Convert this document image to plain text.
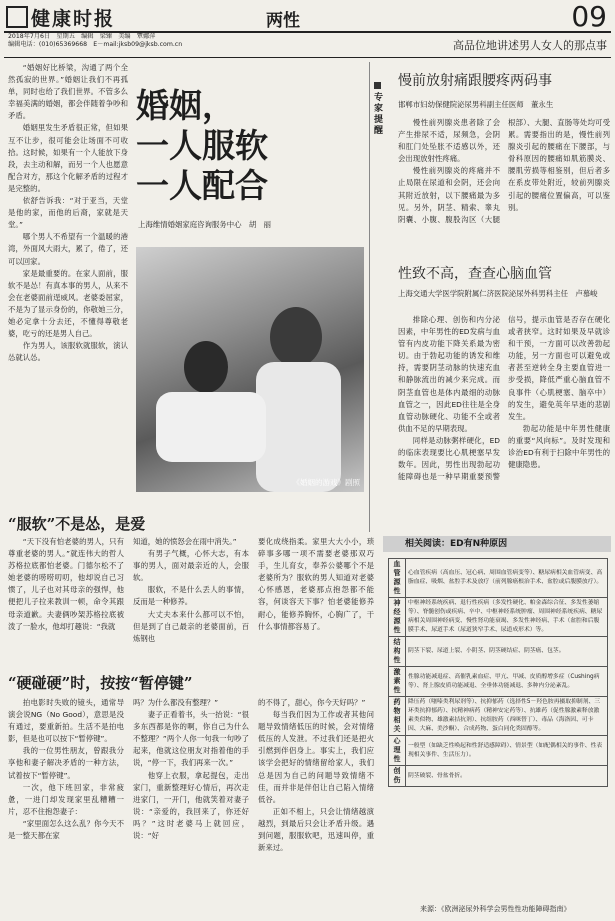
健康时报	两性	09
2018年7月6日　星期五　编辑　梁臻　美编　覃娜萍
编辑电话：(010)65369668　E－mail:jksb09@jksb.com.cn	高品位地讲述男人女人的那点事

“婚姻好比桥梁，沟通了两个全然孤寂的世界。”婚姻让我们不再孤单，同时也给了我们世界。不管多么幸福美满的婚姻，都会伴随着争吵和矛盾。

婚姻里发生矛盾很正常，但如果互不让步，很可能会让场面不可收拾。这时候，如果有一个人能放下身段，去主动和解，而另一个人也愿意配合对方，那这个化解矛盾的过程才是完整的。

依舒告诉我：“对于亚当，天堂是他的家，而他的后裔，家就是天堂。”

哪个男人不希望有一个温暖的港湾，外面风大雨大，累了，倦了，还可以回家。

家是最重要的。在家人面前，服软不是怂！有真本事的男人，从来不会在老婆面前逞威风。老婆委屈家，不是为了显示身份的，你敬她三分，她必定拿十分去还，不懂得尊敬老婆，吃亏的还是男人自己。

作为男人，该服软就服软，演认怂就认怂。

婚姻，
一人服软
一人配合
上海维情婚姻家庭咨询服务中心　胡　丽
《婚姻的游戏》剧照
“服软”不是怂，是爱

“天下没有怕老婆的男人，只有尊重老婆的男人。”就连伟大的哲人苏格拉底都怕老婆。门德尔松不了她老婆的唠唠叨叨，他却说自己习惯了，儿子也对其母亲的强悍，他便把儿子拉来教训一顿，命令其跟母亲道歉。夫妻俩吵架苏格拉底被泼了一脸水，他却打趣说：“我就

知道，她的愤怒会在雨中消失。”

有男子气概，心怀大志，有本事的男人，面对最亲近的人，会服软。

服软，不是什么丢人的事情，反而是一种修养。

大丈夫本来什么都可以不怕，但是到了自己最亲的老婆面前，百炼钢也

要化成绕指柔。家里大大小小，琐碎事多哪一项不需要老婆那双巧手，生儿育女，奉养公婆哪个不是老婆所为？服软的男人知道对老婆心怀感恩，老婆那点抱怨都不能容，何谈容天下事？怕老婆能修养耐心，能修养胸怀，心胸广了，干什么事情都容易了。

“硬碰硬”时，按按“暂停键”

拍电影时失败的镜头，通常导演会说NG（No Good），意思是没有通过，要重新拍。生活不是拍电影，但是也可以按下“暂停键”。

我的一位男性朋友，曾跟我分享他和妻子解决矛盾的一种方法，试着按下“暂停键”。

一次，他下班回家，非常疲惫，一进门却发现家里乱糟糟一片，忍不住抱怨妻子：

“家里面怎么这么乱？你今天不是一整天都在家

吗？为什么都没有整理？”

妻子正看着书，头一抬说：“很多东西都是你的啊，你自己为什么不整理？”两个人你一句我一句吵了起来，他就这位朋友对指着他的手说，“停一下，我们再来一次。”

他穿上衣服，拿起提包，走出家门，重新整理好心情后，再次走进家门，一开门，他就笑着对妻子说：“亲爱的，我回来了，你还好吗？”这时老婆马上就回应，说：“好

的不得了，甜心，你今天好吗？”

每当我们因为工作或者其他问题导致情绪低压的时候，会对情绪低压的人发泄。不过我们还是把火引燃到伴侣身上。事实上，我们应该学会把好的情绪留给家人，我们总是因为自己的问题导致情绪不佳，而并非是伴侣让自己陷入情绪低谷。

正如不相上，只会让情绪越演越烈，到最后只会让矛盾升级。遇到问题，服服软吧，迅速叫停，重新来过。

专家提醒
慢前放射痛跟腰疼两码事
邯郸市妇幼保健院泌尿男科副主任医师　董永生

慢性前列腺炎患者除了会产生排尿不适，尿频急，会阴和肛门处坠胀不适感以外，还会出现放射性疼痛。

慢性前列腺炎的疼痛并不止局限在尿道和会阴，还会向其附近放射，以下腰痛最为多见。另外，阴茎、精索、睾丸阴囊、小腹、腹股沟区（大腿根部）、大腿、直肠等处均可受累。需要指出的是，慢性前列腺炎引起的腰痛在下腰部，与骨科原因的腰痛如肌筋膜炎、腰肌劳损等相鉴别，但后者多在系皮带处附近，较前列腺炎引起的腰痛位置偏高，可以鉴别。

性致不高，查查心脑血管
上海交通大学医学院附属仁济医院泌尿外科男科主任　卢慕峻

排除心理、创伤和内分泌因素，中年男性的ED发病与血管有内皮功能下降关系最为密切。由于勃起功能的诱发和维持，需要阴茎动脉的快速充血和静脉流出的减少来完成。而阴茎血管也是体内最细的动脉血管之一，因此ED往往是全身血管动脉硬化、功能不全或者供血不足的早期表现。

同样是动脉粥样硬化，ED的临床表现要比心肌梗塞早发数年。因此，男性出现勃起功能障碍也是一种早期重要预警信号，提示血管是否存在硬化或者狭窄。这时如果及早就诊和干预，一方面可以改善勃起功能，另一方面也可以避免或者甚至逆转全身主要血管进一步受损，降低严重心脑血管不良事件（心肌梗塞、脑卒中）的发生，避免英年早逝的悲剧发生。

勃起功能是中年男性健康的重要“风向标”。及时发现和诊治ED有利于扫除中年男性的健康隐患。

相关阅读：ED有N种原因
血管源性	心血管疾病（高血压、冠心病、周围血管病变等）、糖尿病相关血管病变、高脂血症、吸烟、盆腔手术及放疗（前列腺癌根治手术、盆腔或后腹膜放疗）。
神经源性	中枢神经系统疾病、退行性疾病（多发性硬化、帕金森综合征、多发性萎缩等）、脊髓创伤或疾病、卒中、中枢神经系统肿瘤、周围神经系统疾病、糖尿病相关周围神经病变、慢性肾功能衰竭、多发性神经病、手术（盆腔和后腹膜手术、尿道手术（尿道狭窄手术、尿道成形术）等。
结构性	阴茎下裂、尿道上裂、小阴茎、阴茎硬结症、阴茎癌、包茎。
激素性	性腺功能减退症、高催乳素血症、甲亢、甲减、皮质醇增多症（Cushing病等）、肾上腺皮质功能减退、全垂体功能减退、多种内分泌紊乱。
药物相关	降压药（噻嗪类利尿剂等）、抗抑郁药（选择性5－羟色胺再摄取抑制剂、三环类抗抑郁药）、抗精神病药（精神安定药等）、抗雄药（促性腺激素释放激素类似物、雄激素拮抗剂）、抗组胺药（西咪替丁）、毒品（海洛因、可卡因、大麻、美沙酮）、合成药物、蛋白同化类固醇等。
心理性	一般型（如缺乏性唤起和性舒适感障碍）、情景型（如配偶相关的事件、性表现相关事件、生活压力）。
创伤	阴茎破裂、骨盆骨折。
来源：《欧洲泌尿外科学会男性性功能障碍指南》
